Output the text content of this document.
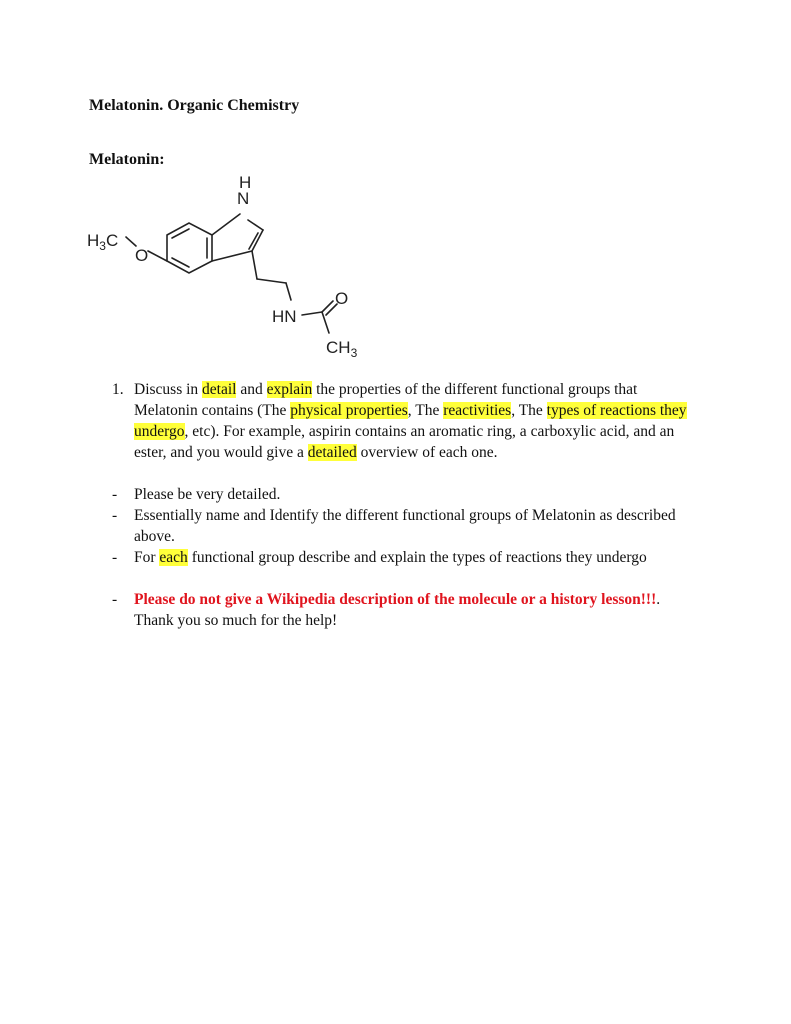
Melatonin. Organic Chemistry
Melatonin:
H
N
$H_3C$
O
HN
O
$CH_3$
1. Discuss in detail and explain the properties of the different functional groups that Melatonin contains (The physical properties, The reactivities, The types of reactions they undergo, etc). For example, aspirin contains an aromatic ring, a carboxylic acid, and an ester, and you would give a detailed overview of each one.
- Please be very detailed.
- Essentially name and Identify the different functional groups of Melatonin as described above.
- For each functional group describe and explain the types of reactions they undergo
- Please do not give a Wikipedia description of the molecule or a history lesson!!!. Thank you so much for the help!
